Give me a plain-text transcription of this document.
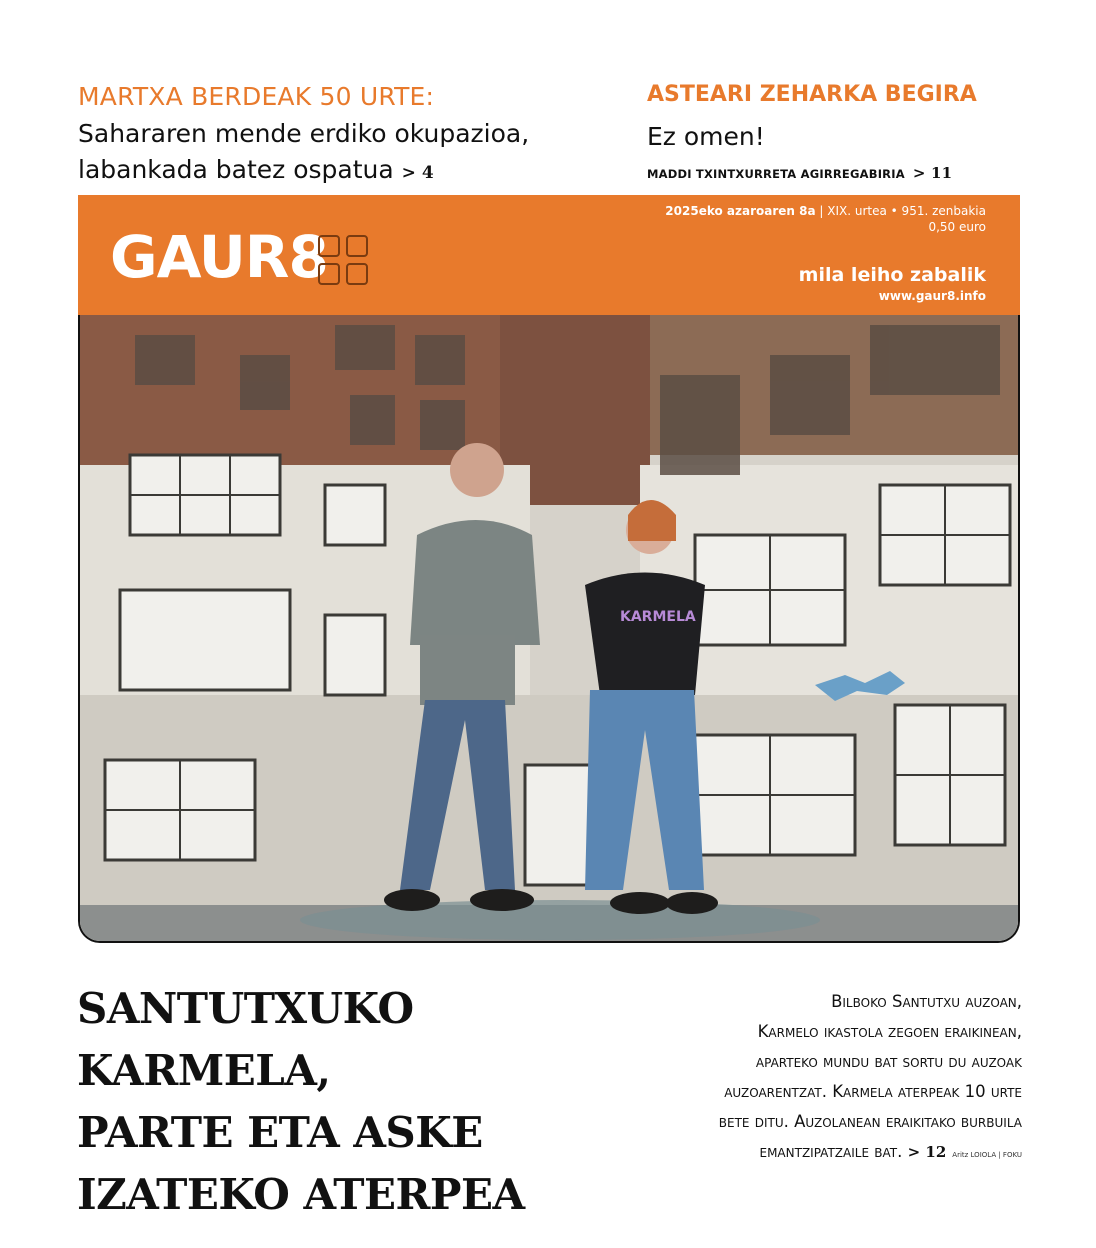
MARTXA BERDEAK 50 URTE:
Sahararen mende erdiko okupazioa,
labankada batez ospatua > 4
ASTEARI ZEHARKA BEGIRA
Ez omen!
MADDI TXINTXURRETA AGIRREGABIRIA > 11
GAUR8
2025eko azaroaren 8a | XIX. urtea • 951. zenbakia
0,50 euro
mila leiho zabalik
www.gaur8.info
KARMELA
SANTUTXUKO KARMELA,
PARTE ETA ASKE
IZATEKO ATERPEA
Bilboko Santutxu auzoan,
Karmelo ikastola zegoen eraikinean,
aparteko mundu bat sortu du auzoak
auzoarentzat. Karmela aterpeak 10 urte
bete ditu. Auzolanean eraikitako burbuila
emantzipatzaile bat. > 12 Aritz LOIOLA | FOKU
